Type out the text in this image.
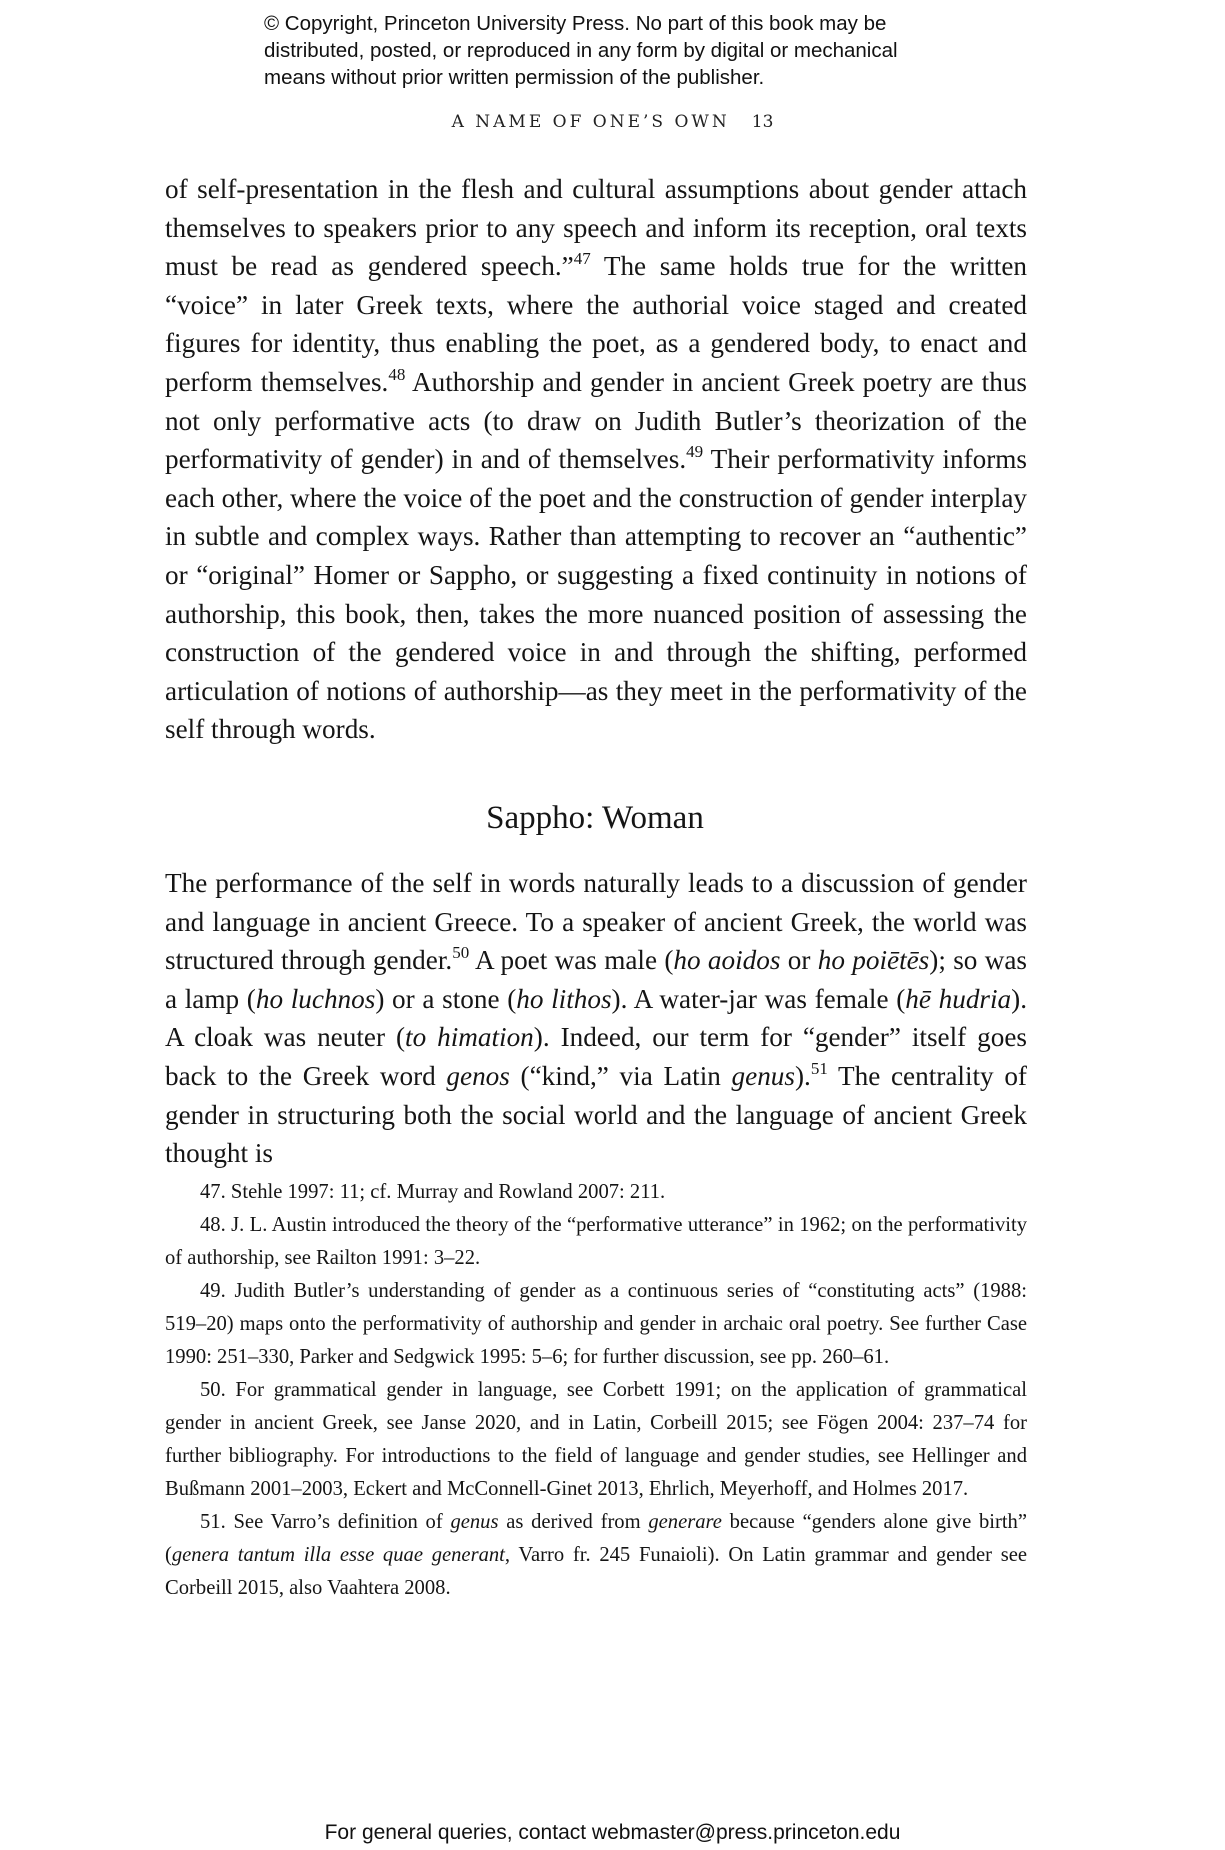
© Copyright, Princeton University Press. No part of this book may be
distributed, posted, or reproduced in any form by digital or mechanical
means without prior written permission of the publisher.
A NAME OF ONE’S OWN 13
of self-presentation in the flesh and cultural assumptions about gender attach themselves to speakers prior to any speech and inform its reception, oral texts must be read as gendered speech.”$^{47}$ The same holds true for the written “voice” in later Greek texts, where the authorial voice staged and created figures for identity, thus enabling the poet, as a gendered body, to enact and perform themselves.$^{48}$ Authorship and gender in ancient Greek poetry are thus not only performative acts (to draw on Judith Butler’s theorization of the performativity of gender) in and of themselves.$^{49}$ Their performativity informs each other, where the voice of the poet and the construction of gender interplay in subtle and complex ways. Rather than attempting to recover an “authentic” or “original” Homer or Sappho, or suggesting a fixed continuity in notions of authorship, this book, then, takes the more nuanced position of assessing the construction of the gendered voice in and through the shifting, performed articulation of notions of authorship—as they meet in the performativity of the self through words.
Sappho: Woman
The performance of the self in words naturally leads to a discussion of gender and language in ancient Greece. To a speaker of ancient Greek, the world was structured through gender.$^{50}$ A poet was male (ho aoidos or ho poiētēs); so was a lamp (ho luchnos) or a stone (ho lithos). A water-jar was female (hē hudria). A cloak was neuter (to himation). Indeed, our term for “gender” itself goes back to the Greek word genos (“kind,” via Latin genus).$^{51}$ The centrality of gender in structuring both the social world and the language of ancient Greek thought is

47. Stehle 1997: 11; cf. Murray and Rowland 2007: 211.

48. J. L. Austin introduced the theory of the “performative utterance” in 1962; on the performativity of authorship, see Railton 1991: 3–22.

49. Judith Butler’s understanding of gender as a continuous series of “constituting acts” (1988: 519–20) maps onto the performativity of authorship and gender in archaic oral poetry. See further Case 1990: 251–330, Parker and Sedgwick 1995: 5–6; for further discussion, see pp. 260–61.

50. For grammatical gender in language, see Corbett 1991; on the application of grammatical gender in ancient Greek, see Janse 2020, and in Latin, Corbeill 2015; see Fögen 2004: 237–74 for further bibliography. For introductions to the field of language and gender studies, see Hellinger and Bußmann 2001–2003, Eckert and McConnell-Ginet 2013, Ehrlich, Meyerhoff, and Holmes 2017.

51. See Varro’s definition of genus as derived from generare because “genders alone give birth” (genera tantum illa esse quae generant, Varro fr. 245 Funaioli). On Latin grammar and gender see Corbeill 2015, also Vaahtera 2008.

For general queries, contact webmaster@press.princeton.edu
